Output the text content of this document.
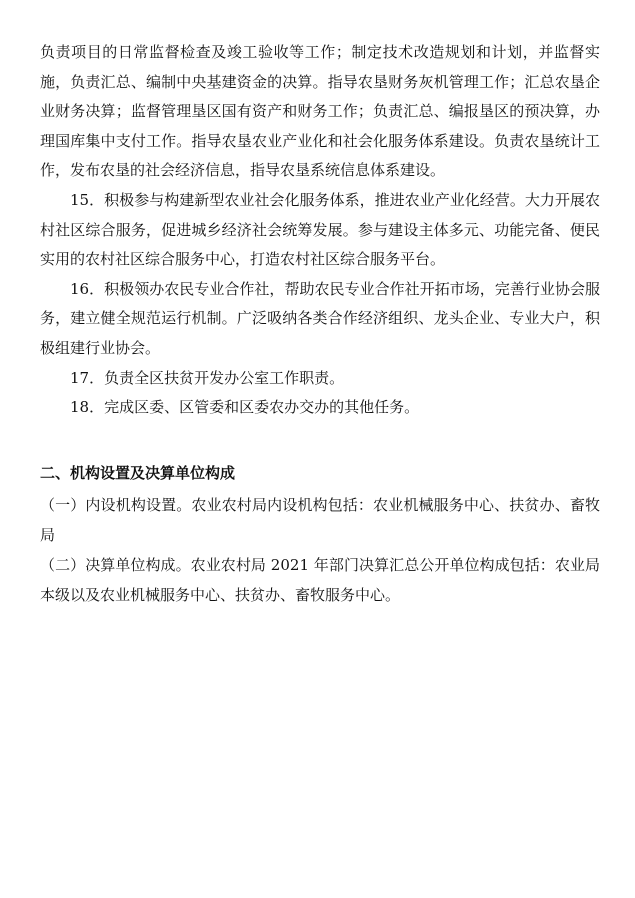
负责项目的日常监督检查及竣工验收等工作；制定技术改造规划和计划，并监督实施，负责汇总、编制中央基建资金的决算。指导农垦财务灰机管理工作；汇总农垦企业财务决算；监督管理垦区国有资产和财务工作；负责汇总、编报垦区的预决算，办理国库集中支付工作。指导农垦农业产业化和社会化服务体系建设。负责农垦统计工作，发布农垦的社会经济信息，指导农垦系统信息体系建设。

15．积极参与构建新型农业社会化服务体系，推进农业产业化经营。大力开展农村社区综合服务，促进城乡经济社会统筹发展。参与建设主体多元、功能完备、便民实用的农村社区综合服务中心，打造农村社区综合服务平台。

16．积极领办农民专业合作社，帮助农民专业合作社开拓市场，完善行业协会服务，建立健全规范运行机制。广泛吸纳各类合作经济组织、龙头企业、专业大户，积极组建行业协会。

17．负责全区扶贫开发办公室工作职责。

18．完成区委、区管委和区委农办交办的其他任务。

二、机构设置及决算单位构成

（一）内设机构设置。农业农村局内设机构包括：农业机械服务中心、扶贫办、畜牧局

（二）决算单位构成。农业农村局 2021 年部门决算汇总公开单位构成包括：农业局本级以及农业机械服务中心、扶贫办、畜牧服务中心。
